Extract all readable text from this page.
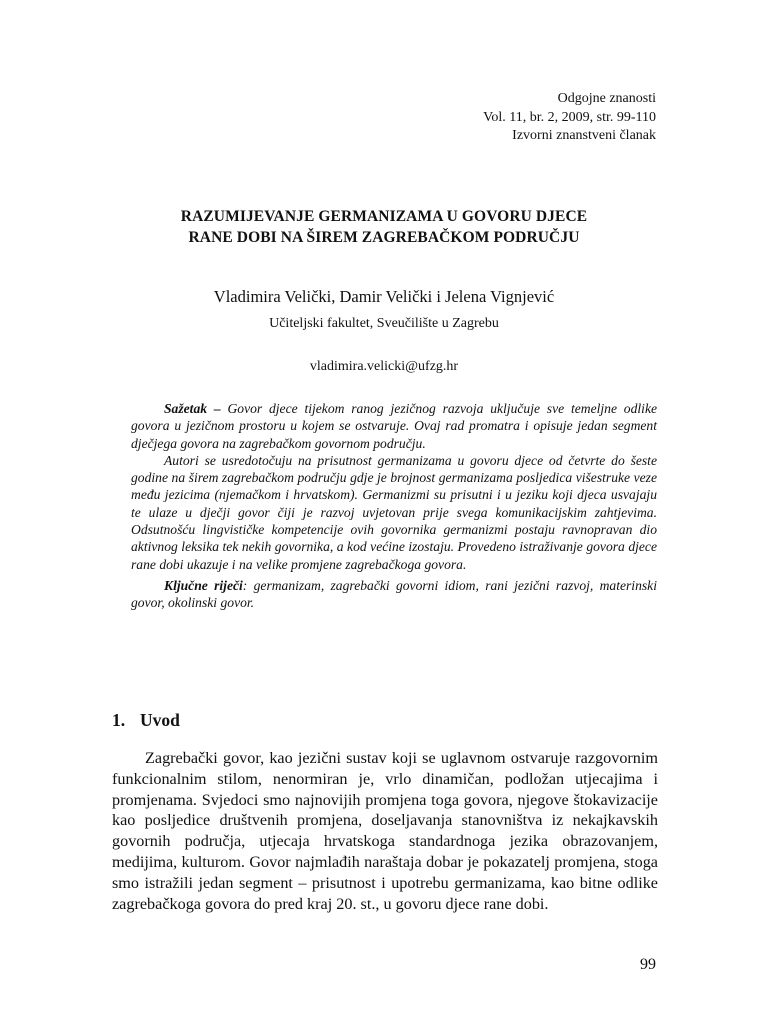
Odgojne znanosti
Vol. 11, br. 2, 2009, str. 99-110
Izvorni znanstveni članak
RAZUMIJEVANJE GERMANIZAMA U GOVORU DJECE
RANE DOBI NA ŠIREM ZAGREBAČKOM PODRUČJU
Vladimira Velički, Damir Velički i Jelena Vignjević
Učiteljski fakultet, Sveučilište u Zagrebu
vladimira.velicki@ufzg.hr

Sažetak – Govor djece tijekom ranog jezičnog razvoja uključuje sve temeljne odlike govora u jezičnom prostoru u kojem se ostvaruje. Ovaj rad promatra i opisuje jedan segment dječjega govora na zagrebačkom govornom području.

Autori se usredotočuju na prisutnost germanizama u govoru djece od četvrte do šeste godine na širem zagrebačkom području gdje je brojnost germanizama posljedica višestruke veze među jezicima (njemačkom i hrvatskom). Germanizmi su prisutni i u jeziku koji djeca usvajaju te ulaze u dječji govor čiji je razvoj uvjetovan prije svega komunikacijskim zahtjevima. Odsutnošću lingvističke kompetencije ovih govornika germanizmi postaju ravnopravan dio aktivnog leksika tek nekih govornika, a kod većine izostaju. Provedeno istraživanje govora djece rane dobi ukazuje i na velike promjene zagrebačkoga govora.

Ključne riječi: germanizam, zagrebački govorni idiom, rani jezični razvoj, materinski govor, okolinski govor.

1. Uvod

Zagrebački govor, kao jezični sustav koji se uglavnom ostvaruje razgovornim funkcionalnim stilom, nenormiran je, vrlo dinamičan, podložan utjecajima i promjenama. Svjedoci smo najnovijih promjena toga govora, njegove štokavizacije kao posljedice društvenih promjena, doseljavanja stanovništva iz nekajkavskih govornih područja, utjecaja hrvatskoga standardnoga jezika obrazovanjem, medijima, kulturom. Govor najmlađih naraštaja dobar je pokazatelj promjena, stoga smo istražili jedan segment – prisutnost i upotrebu germanizama, kao bitne odlike zagrebačkoga govora do pred kraj 20. st., u govoru djece rane dobi.

99
